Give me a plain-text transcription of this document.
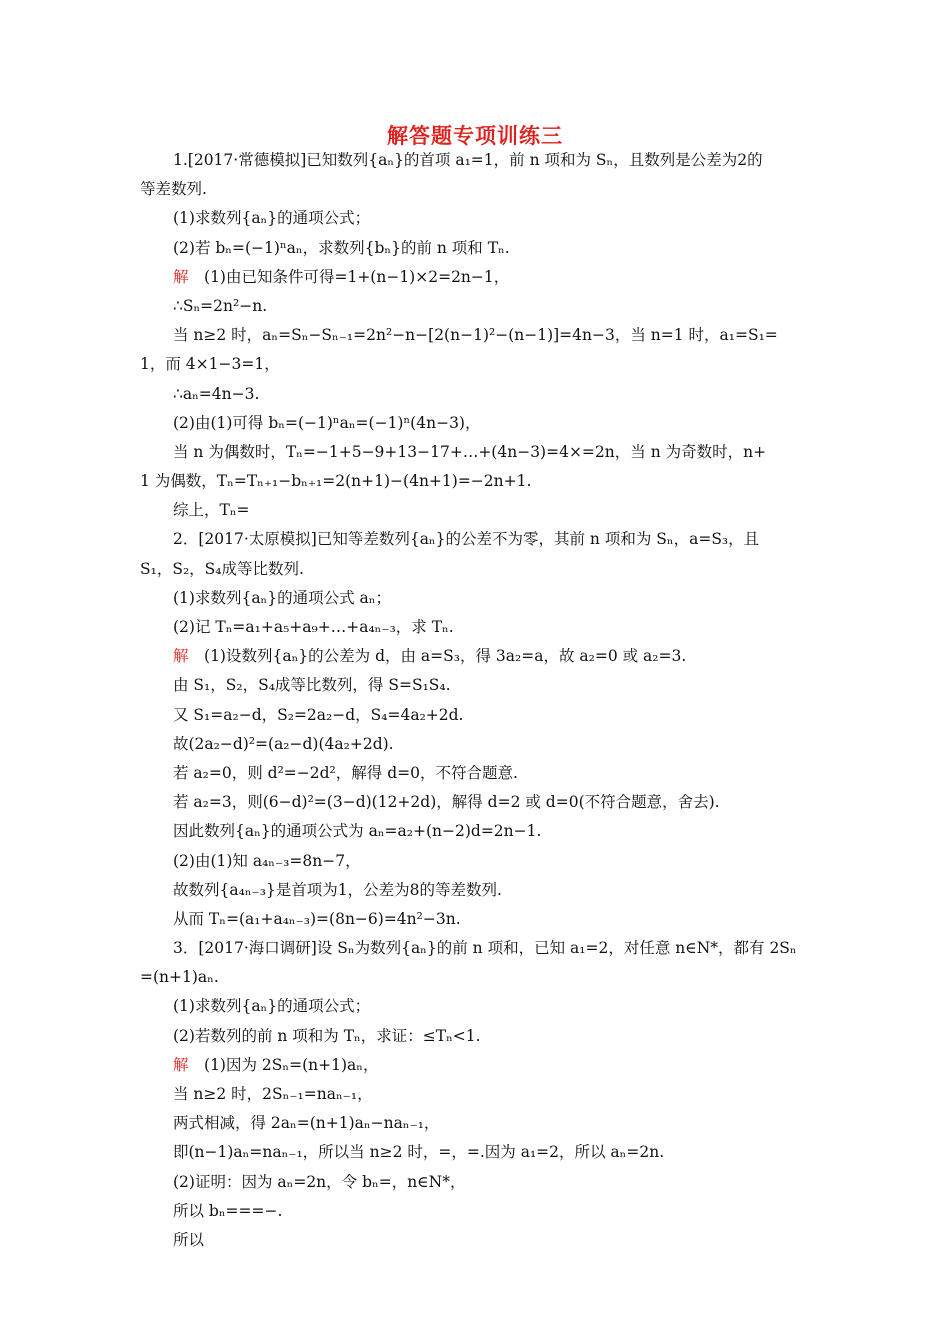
解答题专项训练三
1.[2017·常德模拟]已知数列{aₙ}的首项 a₁=1，前 n 项和为 Sₙ，且数列是公差为2的
等差数列.
(1)求数列{aₙ}的通项公式；
(2)若 bₙ=(−1)ⁿaₙ，求数列{bₙ}的前 n 项和 Tₙ.
解　(1)由已知条件可得=1+(n−1)×2=2n−1，
∴Sₙ=2n²−n.
当 n≥2 时，aₙ=Sₙ−Sₙ₋₁=2n²−n−[2(n−1)²−(n−1)]=4n−3，当 n=1 时，a₁=S₁=
1，而 4×1−3=1，
∴aₙ=4n−3.
(2)由(1)可得 bₙ=(−1)ⁿaₙ=(−1)ⁿ(4n−3)，
当 n 为偶数时，Tₙ=−1+5−9+13−17+…+(4n−3)=4×=2n，当 n 为奇数时，n+
1 为偶数，Tₙ=Tₙ₊₁−bₙ₊₁=2(n+1)−(4n+1)=−2n+1.
综上，Tₙ=
2．[2017·太原模拟]已知等差数列{aₙ}的公差不为零，其前 n 项和为 Sₙ，a=S₃，且
S₁，S₂，S₄成等比数列.
(1)求数列{aₙ}的通项公式 aₙ；
(2)记 Tₙ=a₁+a₅+a₉+…+a₄ₙ₋₃，求 Tₙ.
解　(1)设数列{aₙ}的公差为 d，由 a=S₃，得 3a₂=a，故 a₂=0 或 a₂=3.
由 S₁，S₂，S₄成等比数列，得 S=S₁S₄.
又 S₁=a₂−d，S₂=2a₂−d，S₄=4a₂+2d.
故(2a₂−d)²=(a₂−d)(4a₂+2d).
若 a₂=0，则 d²=−2d²，解得 d=0，不符合题意.
若 a₂=3，则(6−d)²=(3−d)(12+2d)，解得 d=2 或 d=0(不符合题意，舍去).
因此数列{aₙ}的通项公式为 aₙ=a₂+(n−2)d=2n−1.
(2)由(1)知 a₄ₙ₋₃=8n−7，
故数列{a₄ₙ₋₃}是首项为1，公差为8的等差数列.
从而 Tₙ=(a₁+a₄ₙ₋₃)=(8n−6)=4n²−3n.
3．[2017·海口调研]设 Sₙ为数列{aₙ}的前 n 项和，已知 a₁=2，对任意 n∈N*，都有 2Sₙ
=(n+1)aₙ.
(1)求数列{aₙ}的通项公式；
(2)若数列的前 n 项和为 Tₙ，求证：≤Tₙ<1.
解　(1)因为 2Sₙ=(n+1)aₙ，
当 n≥2 时，2Sₙ₋₁=naₙ₋₁，
两式相减，得 2aₙ=(n+1)aₙ−naₙ₋₁，
即(n−1)aₙ=naₙ₋₁，所以当 n≥2 时，=，=.因为 a₁=2，所以 aₙ=2n.
(2)证明：因为 aₙ=2n，令 bₙ=，n∈N*，
所以 bₙ===−.
所以
